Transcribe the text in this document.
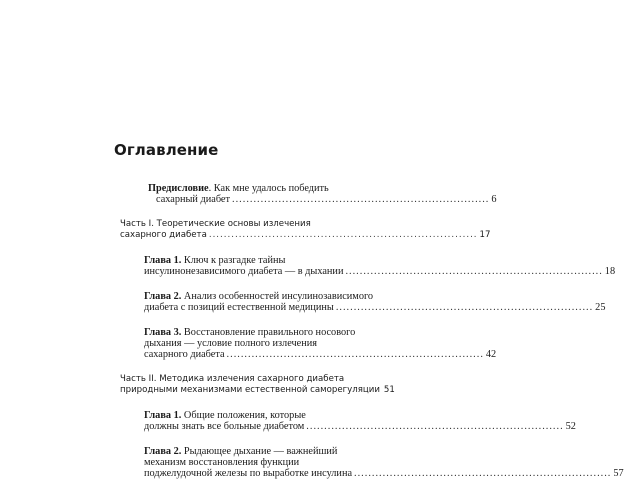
Оглавление
Предисловие. Как мне удалось победить
сахарный диабет ........................................................................ 6
Часть I. Теоретические основы излечения
сахарного диабета ........................................................................ 17
Глава 1. Ключ к разгадке тайны
инсулинонезависимого диабета — в дыхании ........................................................................ 18
Глава 2. Анализ особенностей инсулинозависимого
диабета с позиций естественной медицины ........................................................................ 25
Глава 3. Восстановление правильного носового
дыхания — условие полного излечения
сахарного диабета ........................................................................ 42
Часть II. Методика излечения сахарного диабета
природными механизмами естественной саморегуляции 51
Глава 1. Общие положения, которые
должны знать все больные диабетом ........................................................................ 52
Глава 2. Рыдающее дыхание — важнейший
механизм восстановления функции
поджелудочной железы по выработке инсулина ........................................................................ 57
